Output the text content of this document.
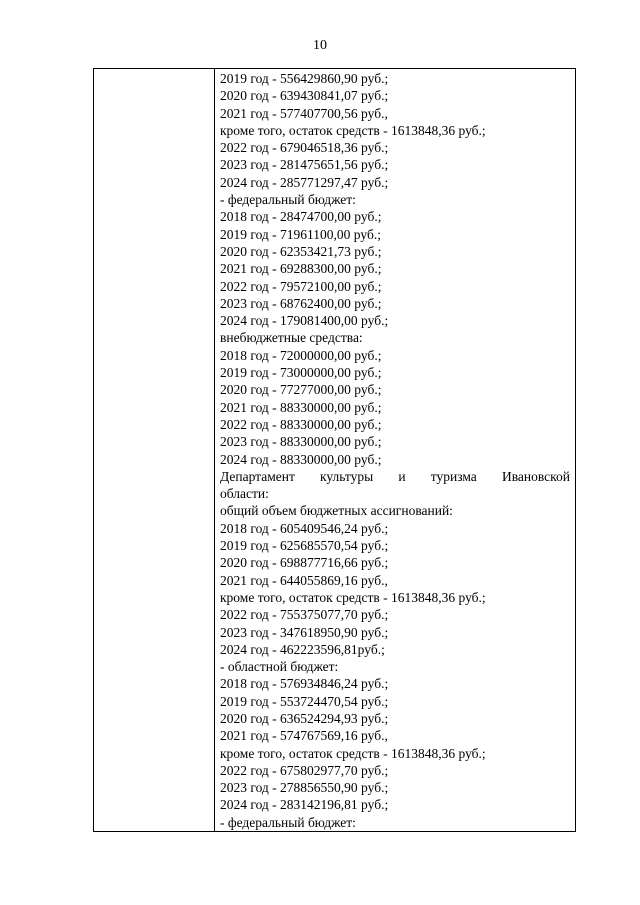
10
2019 год - 556429860,90 руб.;
2020 год - 639430841,07 руб.;
2021 год - 577407700,56 руб.,
кроме того, остаток средств - 1613848,36 руб.;
2022 год - 679046518,36 руб.;
2023 год - 281475651,56 руб.;
2024 год - 285771297,47 руб.;
- федеральный бюджет:
2018 год - 28474700,00 руб.;
2019 год - 71961100,00 руб.;
2020 год - 62353421,73 руб.;
2021 год - 69288300,00 руб.;
2022 год - 79572100,00 руб.;
2023 год - 68762400,00 руб.;
2024 год - 179081400,00 руб.;
внебюджетные средства:
2018 год - 72000000,00 руб.;
2019 год - 73000000,00 руб.;
2020 год - 77277000,00 руб.;
2021 год - 88330000,00 руб.;
2022 год - 88330000,00 руб.;
2023 год - 88330000,00 руб.;
2024 год - 88330000,00 руб.;
Департамент культуры и туризма Ивановской
области:
общий объем бюджетных ассигнований:
2018 год - 605409546,24 руб.;
2019 год - 625685570,54 руб.;
2020 год - 698877716,66 руб.;
2021 год - 644055869,16 руб.,
кроме того, остаток средств - 1613848,36 руб.;
2022 год - 755375077,70 руб.;
2023 год - 347618950,90 руб.;
2024 год - 462223596,81руб.;
- областной бюджет:
2018 год - 576934846,24 руб.;
2019 год - 553724470,54 руб.;
2020 год - 636524294,93 руб.;
2021 год - 574767569,16 руб.,
кроме того, остаток средств - 1613848,36 руб.;
2022 год - 675802977,70 руб.;
2023 год - 278856550,90 руб.;
2024 год - 283142196,81 руб.;
- федеральный бюджет:
